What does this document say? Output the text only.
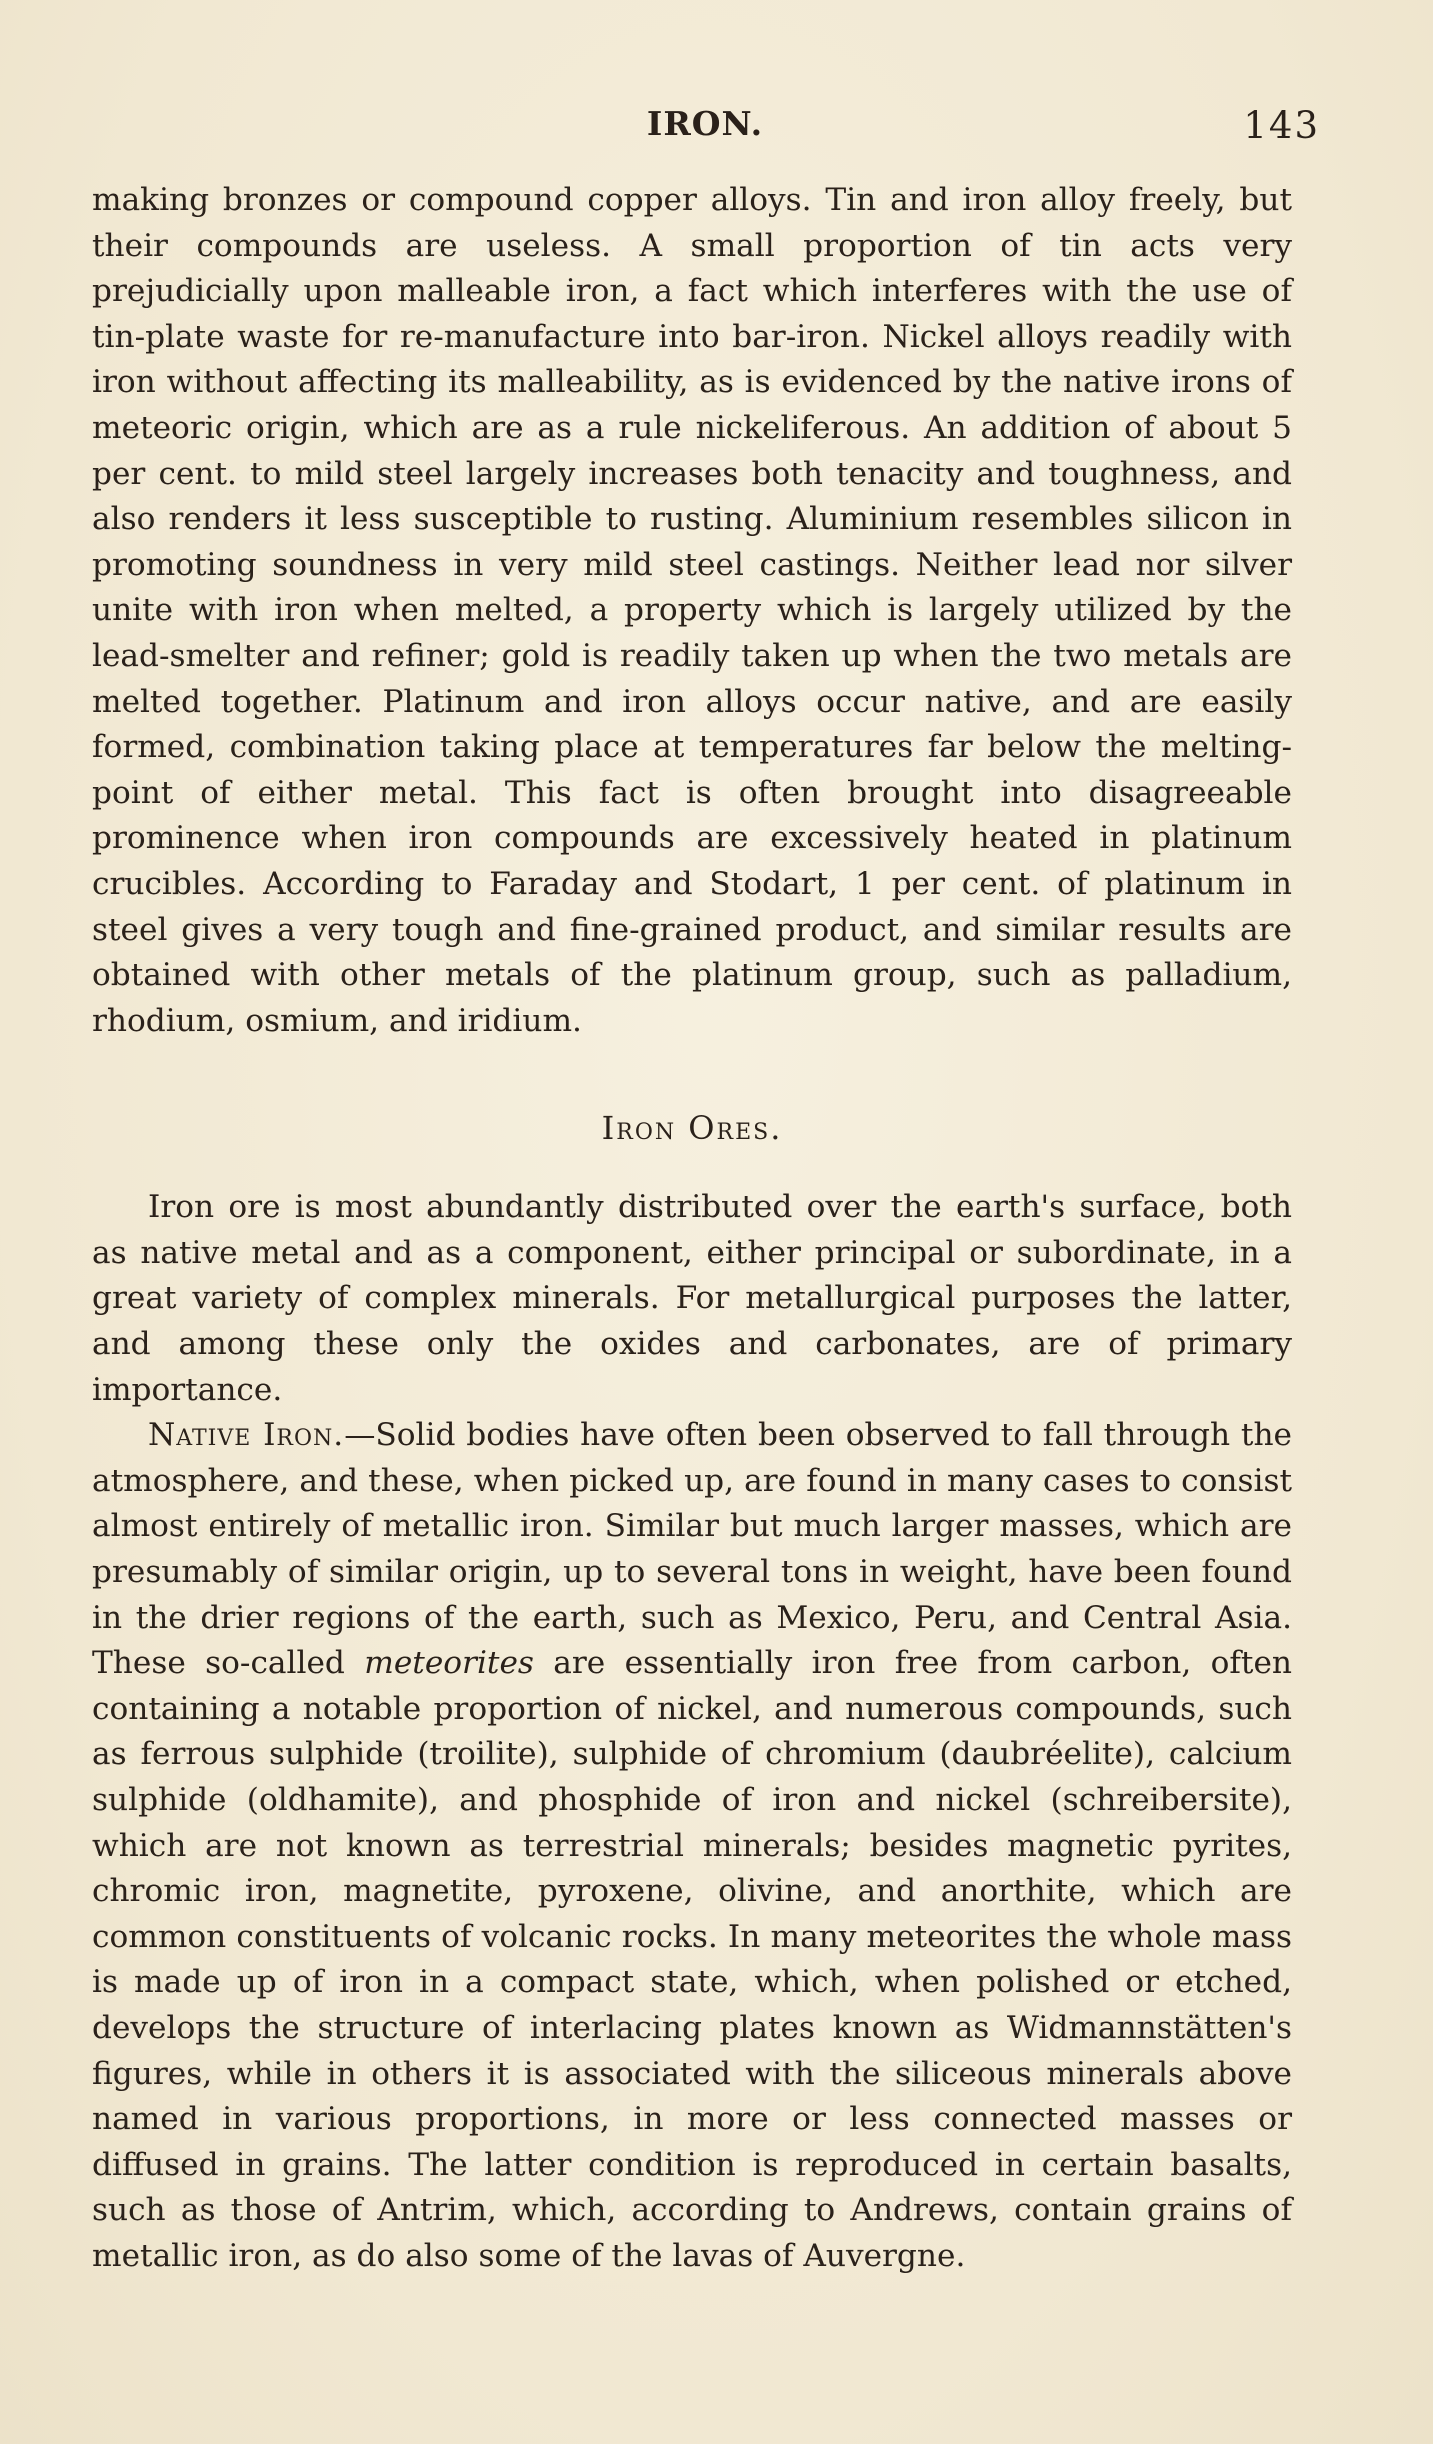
IRON.	143

making bronzes or compound copper alloys. Tin and iron alloy freely, but their compounds are useless. A small proportion of tin acts very prejudicially upon malleable iron, a fact which interferes with the use of tin-plate waste for re-manufacture into bar-iron. Nickel alloys readily with iron without affecting its malleability, as is evidenced by the native irons of meteoric origin, which are as a rule nickeliferous. An addition of about 5 per cent. to mild steel largely increases both tenacity and toughness, and also renders it less susceptible to rusting. Aluminium resembles silicon in promoting soundness in very mild steel castings. Neither lead nor silver unite with iron when melted, a property which is largely utilized by the lead-smelter and refiner; gold is readily taken up when the two metals are melted together. Platinum and iron alloys occur native, and are easily formed, combination taking place at temperatures far below the melting-point of either metal. This fact is often brought into disagreeable prominence when iron compounds are excessively heated in platinum crucibles. According to Faraday and Stodart, 1 per cent. of platinum in steel gives a very tough and fine-grained product, and similar results are obtained with other metals of the platinum group, such as palladium, rhodium, osmium, and iridium.

Iron Ores.

Iron ore is most abundantly distributed over the earth's surface, both as native metal and as a component, either principal or subordinate, in a great variety of complex minerals. For metallurgical purposes the latter, and among these only the oxides and carbonates, are of primary importance.

Native Iron.—Solid bodies have often been observed to fall through the atmosphere, and these, when picked up, are found in many cases to consist almost entirely of metallic iron. Similar but much larger masses, which are presumably of similar origin, up to several tons in weight, have been found in the drier regions of the earth, such as Mexico, Peru, and Central Asia. These so-called meteorites are essentially iron free from carbon, often containing a notable proportion of nickel, and numerous compounds, such as ferrous sulphide (troilite), sulphide of chromium (daubréelite), calcium sulphide (oldhamite), and phosphide of iron and nickel (schreibersite), which are not known as terrestrial minerals; besides magnetic pyrites, chromic iron, magnetite, pyroxene, olivine, and anorthite, which are common constituents of volcanic rocks. In many meteorites the whole mass is made up of iron in a compact state, which, when polished or etched, develops the structure of interlacing plates known as Widmannstätten's figures, while in others it is associated with the siliceous minerals above named in various proportions, in more or less connected masses or diffused in grains. The latter condition is reproduced in certain basalts, such as those of Antrim, which, according to Andrews, contain grains of metallic iron, as do also some of the lavas of Auvergne.
